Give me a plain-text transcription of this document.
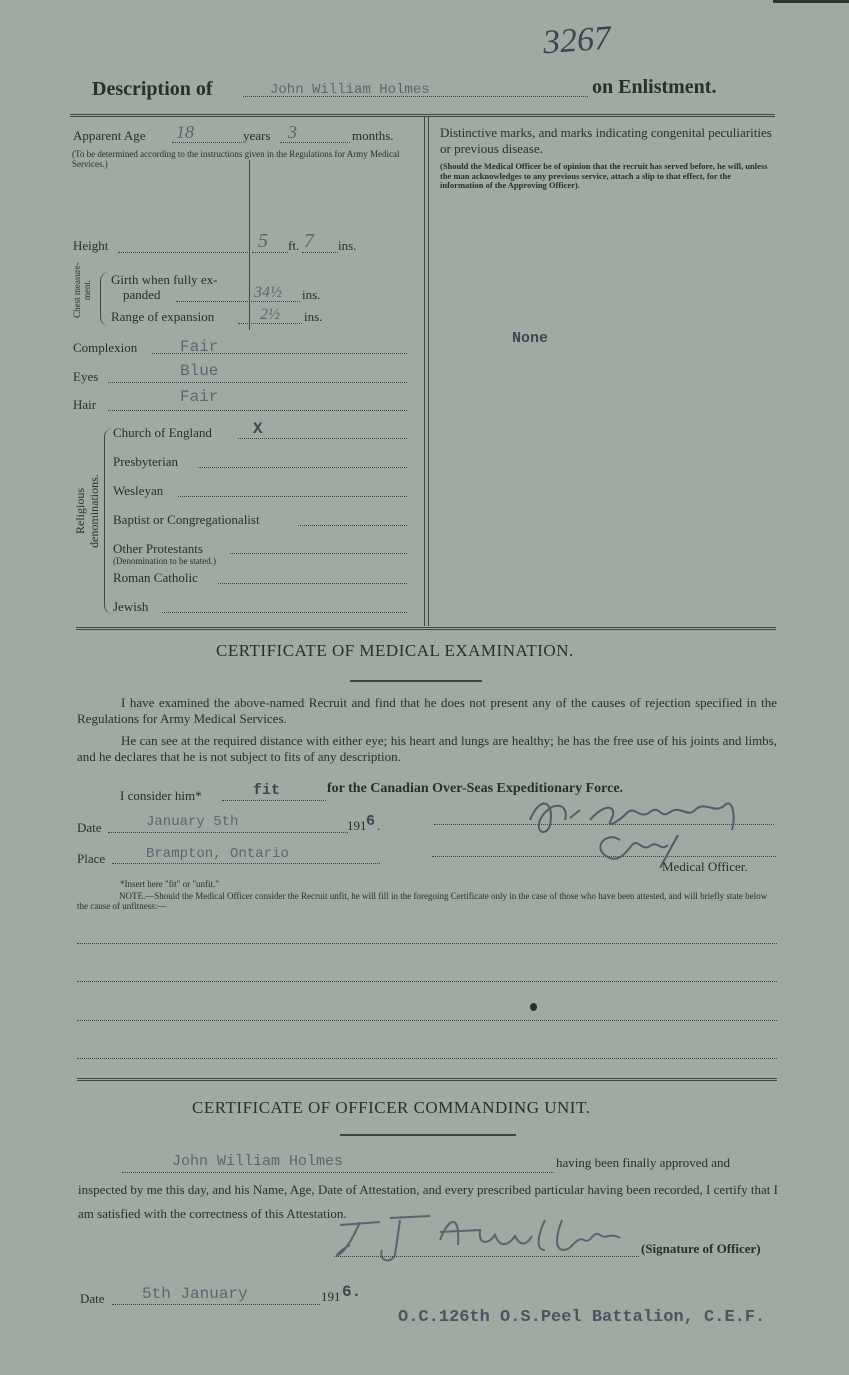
3267
Description of	John William Holmes	on Enlistment.
Apparent Age 18	years 3	months.
(To be determined according to the instructions given in the Regulations for Army Medical Services.)
Height	5 ft. 7 ins.
Chest measure-ment.
Girth when fully ex-
panded	34½ ins.
Range of expansion	2½ ins.
Complexion	Fair
Eyes	Blue
Hair	Fair
Religious denominations.
Church of England	X
Presbyterian
Wesleyan
Baptist or Congregationalist
Other Protestants
(Denomination to be stated.)
Roman Catholic
Jewish
Distinctive marks, and marks indicating congenital peculiarities or previous disease.
(Should the Medical Officer be of opinion that the recruit has served before, he will, unless the man acknowledges to any previous service, attach a slip to that effect, for the information of the Approving Officer).
None
CERTIFICATE OF MEDICAL EXAMINATION.
I have examined the above-named Recruit and find that he does not present any of the causes of rejection specified in the Regulations for Army Medical Services.
He can see at the required distance with either eye; his heart and lungs are healthy; he has the free use of his joints and limbs, and he declares that he is not subject to fits of any description.
I consider him*	fit	for the Canadian Over-Seas Expeditionary Force.
Date	January 5th	191 6 .
Place	Brampton, Ontario
Medical Officer.
*Insert here "fit" or "unfit."
NOTE.—Should the Medical Officer consider the Recruit unfit, he will fill in the foregoing Certificate only in the case of those who have been attested, and will briefly state below the cause of unfitness:—
CERTIFICATE OF OFFICER COMMANDING UNIT.
John William Holmes	having been finally approved and
inspected by me this day, and his Name, Age, Date of Attestation, and every prescribed particular having been recorded, I certify that I am satisfied with the correctness of this Attestation.
(Signature of Officer)
Date 5th January	191 6.
O.C.126th O.S.Peel Battalion, C.E.F.
